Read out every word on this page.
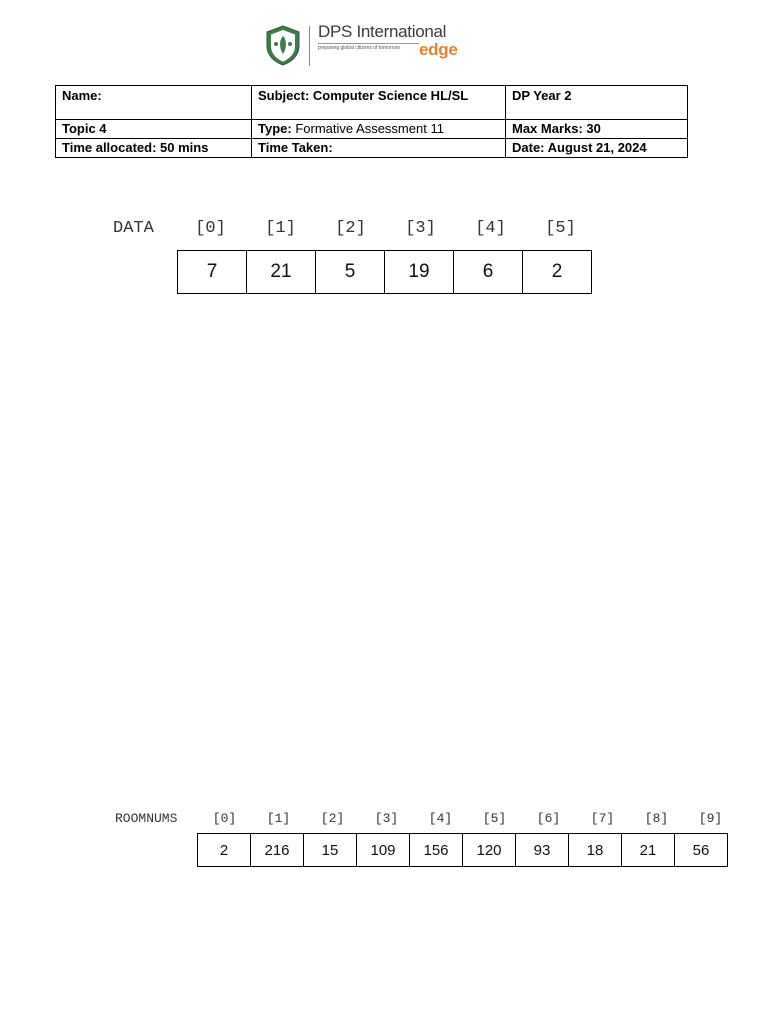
DPS International
preparing global citizens of tomorrow edge
Name:	Subject: Computer Science HL/SL	DP Year 2
Topic 4	Type: Formative Assessment 11	Max Marks: 30
Time allocated: 50 mins	Time Taken:	Date: August 21, 2024
DATA	[0]	[1]	[2]	[3]	[4]	[5]
7	21	5	19	6	2
ROOMNUMS	[0]	[1]	[2]	[3]	[4]	[5]	[6]	[7]	[8]	[9]
2	216	15	109	156	120	93	18	21	56
